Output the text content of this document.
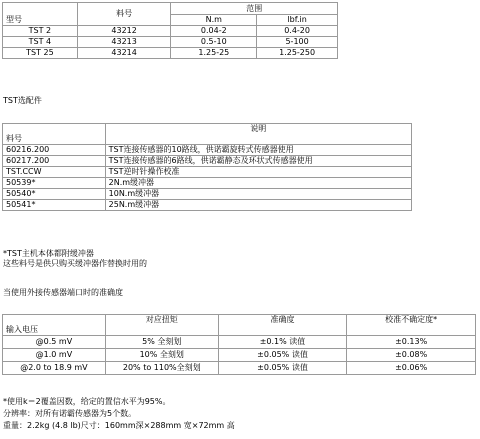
型号	料号	范围	
		N.m	lbf.in
TST 2	43212	0.04-2	0.4-20
TST 4	43213	0.5-10	5-100
TST 25	43214	1.25-25	1.25-250
TST选配件
料号	说明
60216.200	TST连接传感器的10路线，供诺霸旋转式传感器使用
60217.200	TST连接传感器的6路线，供诺霸静态及环状式传感器使用
TST.CCW	TST逆时针操作校准
50539*	2N.m缓冲器
50540*	10N.m缓冲器
50541*	25N.m缓冲器
*TST主机本体都附缓冲器
这些料号是供只购买缓冲器作替换时用的
当使用外接传感器端口时的准确度
输入电压	对应扭矩	准确度	校准不确定度*
@0.5 mV	5% 全刻划	±0.1% 读值	±0.13%
@1.0 mV	10% 全刻划	±0.05% 读值	±0.08%
@2.0 to 18.9 mV	20% to 110%全刻划	±0.05% 读值	±0.06%
*使用k＝2覆盖因数，给定的置信水平为95%。
分辨率：对所有诺霸传感器为5个数。
重量：2.2kg (4.8 lb)尺寸：160mm深×288mm 宽×72mm 高
